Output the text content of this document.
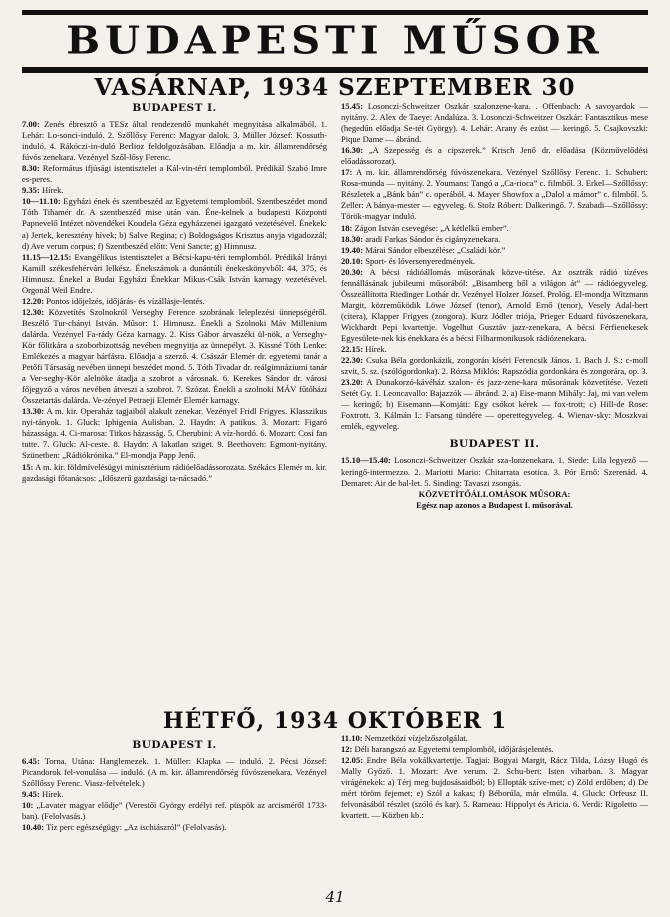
BUDAPESTI MŰSOR
VASÁRNAP, 1934 SZEPTEMBER 30
BUDAPEST I.

7.00: Zenés ébresztő a TESz által rendezendő munkahét megnyitása alkalmából. 1. Lehár: Lo-sonci-induló. 2. Szőllősy Ferenc: Magyar dalok. 3. Müller József: Kossuth-induló. 4. Rákóczi-in-duló Berlioz feldolgozásában. Előadja a m. kir. államrendőrség fúvós zenekara. Vezényel Szől-lősy Ferenc.

8.30: Református ifjúsági istentisztelet a Kál-vin-téri templomból. Prédikál Szabó Imre es-peres.

9.35: Hírek.

10—11.10: Egyházi ének és szentbeszéd az Egyetemi templomból. Szentbeszédet mond Tóth Tihamér dr. A szentbeszéd mise után van. Éne-kelnek a budapesti Központi Papnevelő Intézet növendékei Koudela Géza egyházzenei igazgató vezetésével. Énekek: a) Jertek, keresztény hívek; b) Salve Regina; c) Boldogságos Krisztus anyja vigadozzál; d) Ave verum corpus; f) Szentbeszéd előtt: Veni Sancte; g) Himnusz.

11.15—12.15: Evangélikus istentisztelet a Bécsi-kapu-téri templomból. Prédikál Irányi Kamill székesfehérvári lelkész. Énekszámok a dunántúli énekeskönyvből: 44, 375, és Himnusz. Énekel a Budai Egyházi Énekkar Mikus-Csák István karnagy vezetésével. Orgonál Weil Endre.

12.20: Pontos időjelzés, időjárás- és vízállásje-lentés.

12.30: Közvetítés Szolnokról Verseghy Ference szobrának leleplezési ünnepségéről. Beszélő Tur-chányi István. Műsor: 1. Himnusz. Énekli a Szolnoki Máv Millenium dalárda. Vezényel Fa-rády Géza karnagy. 2. Kiss Gábor árvaszéki ül-nök, a Verseghy-Kör főlitkára a szoborbizottság nevében megnyitja az ünnepélyt. 3. Kissné Tóth Lenke: Emlékezés a magyar hárfásra. Előadja a szerző. 4. Császár Elemér dr. egyetemi tanár a Petőfi Társaság nevében ünnepi beszédet mond. 5. Tóth Tivadar dr. reálgimnáziumi tanár a Ver-seghy-Kör alelnöke átadja a szobrot a városnak. 6. Kerekes Sándor dr. városi főjegyző a város nevében átveszi a szobrot. 7. Szózat. Énekli a szolnoki MÁV fűtőházi Összetartás dalárda. Ve-zényel Petraeji Elemér Elemér karnagy.

13.30: A m. kir. Operaház tagjaiból alakult zenekar. Vezényel Fridl Frigyes. Klasszikus nyi-tányok. 1. Gluck: Iphigenia Aulisban. 2. Haydn: A patikus. 3. Mozart: Figaró házassága. 4. Ci-marosa: Titkos házasság. 5. Cherubini: A víz-hordó. 6. Mozart: Cosi fan tutte. 7. Gluck: Al-ceste. 8. Haydn: A lakatlan sziget. 9. Beethoven: Egmont-nyitány. Szünetben: „Rádiókrónika.” El-mondja Papp Jenő.

15: A m. kir. földmívelésügyi minisztérium rádióelőadássorozata. Székács Elemér m. kir. gazdasági főtanácsos: „Időszerű gazdasági ta-nácsadó.”

15.45: Losonczi-Schweitzer Oszkár szalonzene-kara. . Offenbach: A savoyardok — nyitány. 2. Alex de Taeye: Andalúza. 3. Losonczi-Schweitzer Oszkár: Fantasztikus mese (hegedűn előadja Se-tét György). 4. Lehár: Arany és ezüst — keringő. 5. Csajkovszki: Pique Dame — ábránd.

16.30: „A Szepesség és a cipszerek.” Krisch Jenő dr. előadása (Közművelődési előadássorozat).

17: A m. kir. államrendőrség fúvószenekara. Vezényel Szőllősy Ferenc. 1. Schubert: Rosa-munda — nyitány. 2. Youmans: Tangó a „Ca-rioca” c. filmből. 3. Erkel—Szőllőssy: Részletek a „Bánk bán” c. operából. 4. Mayer Showfox a „Dalol a mámor” c. filmből. 5. Zeller: A bánya-mester — egyveleg. 6. Stolz Róbert: Dalkeringő. 7. Szabadi—Szőllőssy: Török-magyar induló.

18: Zágon István csevegése: „A kétlelkű ember”.

18.30: aradi Farkas Sándor és cigányzenekara.

19.40: Márai Sándor elbeszélése: „Családi kör.”

20.10: Sport- és lóversenyeredmények.

20.30: A bécsi rádióállomás műsorának közve-títése. Az osztrák rádió tízéves fennállásának jubileumi műsorából: „Bisamberg ből a világon át” — rádióegyveleg. Összeállította Riedinger Lothár dr. Vezényel Holzer József. Prológ. El-mondja Witzmann Margit, közreműködik Löwe József (tenor), Arnold Ernő (tenor), Vesely Adal-bert (citera), Klapper Frigyes (zongora). Kurz Jódler triója, Prieger Eduard fúvószenekara, Wickhardt Pepi kvartettje. Vogelhut Gusztáv jazz-zenekara, A bécsi Férfienekesek Egyesülete-nek kis énekkara és a bécsi Filharmonikusok rádiózenekara.

22.15: Hírek.

22.30: Csuka Béla gordonkázik, zongorán kíséri Ferencsik János. 1. Bach J. S.: c-moll szvit, 5. sz. (szólógordonka). 2. Rózsa Miklós: Rapszódia gordonkára és zongorára, op. 3.

23.20: A Dunakorzó-kávéház szalon- és jazz-zene-kara műsorának közvetítése. Vezeti Setét Gy. 1. Leoncavallo: Bajazzók — ábránd. 2. a) Eise-mann Mihály: Jaj, mi van velem — keringő; b) Eisemann—Komjáti: Egy csókot kérek — fox-trott; c) Hill-de Rose: Foxtrott. 3. Kálmán I.: Farsang tündére — operettegyveleg. 4. Wienav-sky: Moszkvai emlék, egyveleg.

BUDAPEST II.

15.10—15.40: Losonczi-Schweitzer Oszkár sza-lonzenekara. 1. Siede: Lila legyező — keringő-intermezzo. 2. Mariotti Mario: Chitarrata esotica. 3. Pór Ernő: Szerenád. 4. Demaret: Air de bal-let. 5. Sinding: Tavaszi zsongás.

KÖZVETÍTŐÁLLOMÁSOK MŰSORA:

Egész nap azonos a Budapest I. műsorával.

HÉTFŐ, 1934 OKTÓBER 1
BUDAPEST I.

6.45: Torna. Utána: Hanglemezek. 1. Müller: Klapka — induló. 2. Pécsi József: Picandorok fel-vonulása — induló. (A m. kir. államrendőrség fúvószenekara. Vezényel Szőllőssy Ferenc. Viasz-felvételek.)

9.45: Hírek.

10: „Lavater magyar elődje” (Verestői György erdélyi ref. püspök az arcisméről 1733-ban). (Felolvasás.)

10.40: Tíz perc egészségügy: „Az ischiászról” (Felolvasás).

11.10: Nemzetközi vízjelzőszolgálat.

12: Déli harangszó az Egyetemi templomból, időjárásjelentés.

12.05: Endre Béla vokálkvartettje. Tagjai: Bogyai Margit, Rácz Tilda, Lózsy Hugó és Mally Győző. 1. Mozart: Ave verum. 2. Schu-bert: Isten viharban. 3. Magyar virágénekek: a) Térj meg bujdosásaidból; b) Ellopták szíve-met; c) Zöld erdőben; d) De mért töröm fejemet; e) Szól a kakas; f) Béborúla, már elmúla. 4. Gluck: Orfeusz II. felvonásából részlet (szóló és kar). 5. Rameau: Hippolyt és Aricia. 6. Verdi: Rigoletto — kvartett. — Közben kb.:

41
